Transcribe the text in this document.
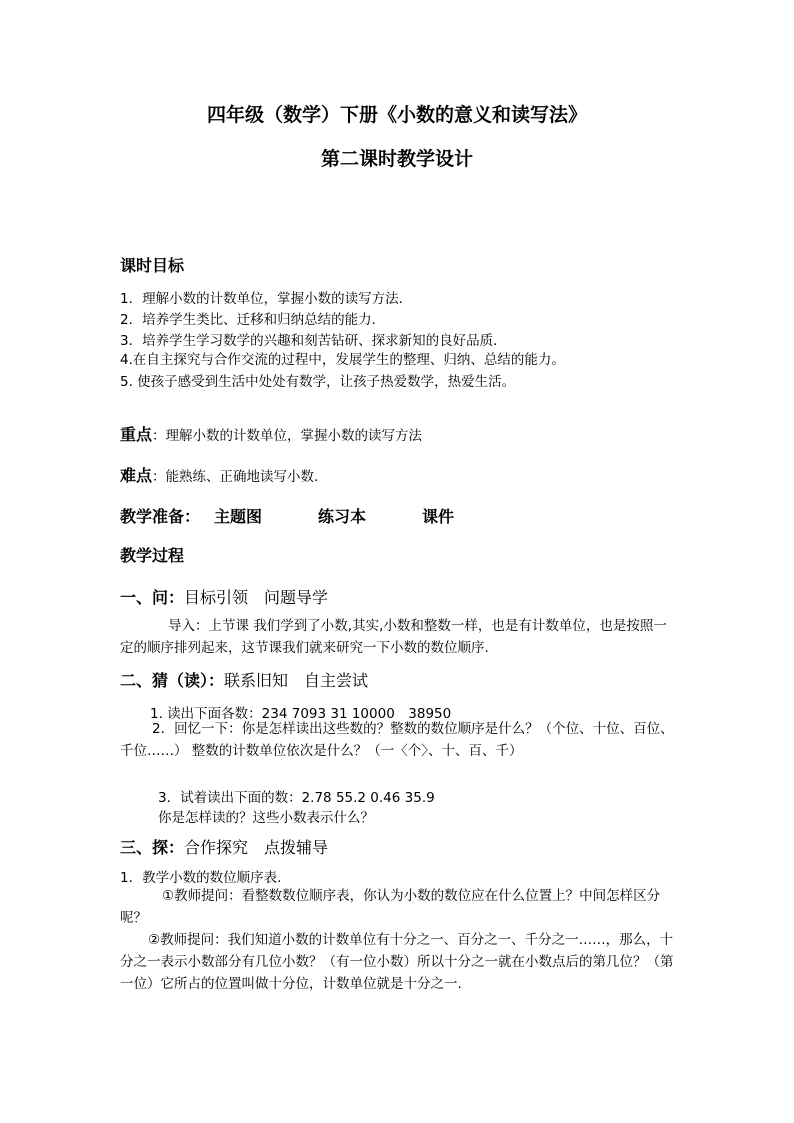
四年级（数学）下册《小数的意义和读写法》
第二课时教学设计
课时目标
1．理解小数的计数单位，掌握小数的读写方法．
2．培养学生类比、迁移和归纳总结的能力．
3．培养学生学习数学的兴趣和刻苦钻研、探求新知的良好品质．
4.在自主探究与合作交流的过程中，发展学生的整理、归纳、总结的能力。
5. 使孩子感受到生活中处处有数学，让孩子热爱数学，热爱生活。
重点：理解小数的计数单位，掌握小数的读写方法
难点：能熟练、正确地读写小数．
教学准备： 主题图	练习本	课件
教学过程
一、问：目标引领　问题导学
导入：上节课 我们学到了小数,其实,小数和整数一样，也是有计数单位，也是按照一定的顺序排列起来，这节课我们就来研究一下小数的数位顺序.
二、猜（读）：联系旧知　自主尝试
1. 读出下面各数：234 7093 31 10000　38950
2．回忆一下：你是怎样读出这些数的？整数的数位顺序是什么？（个位、十位、百位、千位……） 整数的计数单位依次是什么？（一〈个〉、十、百、千）
3．试着读出下面的数：2.78 55.2 0.46 35.9
你是怎样读的？这些小数表示什么？
三、探：合作探究　点拨辅导
1．教学小数的数位顺序表.
①教师提问：看整数数位顺序表，你认为小数的数位应在什么位置上？中间怎样区分呢？
②教师提问：我们知道小数的计数单位有十分之一、百分之一、千分之一……，那么，十分之一表示小数部分有几位小数？（有一位小数）所以十分之一就在小数点后的第几位？（第一位）它所占的位置叫做十分位，计数单位就是十分之一.
